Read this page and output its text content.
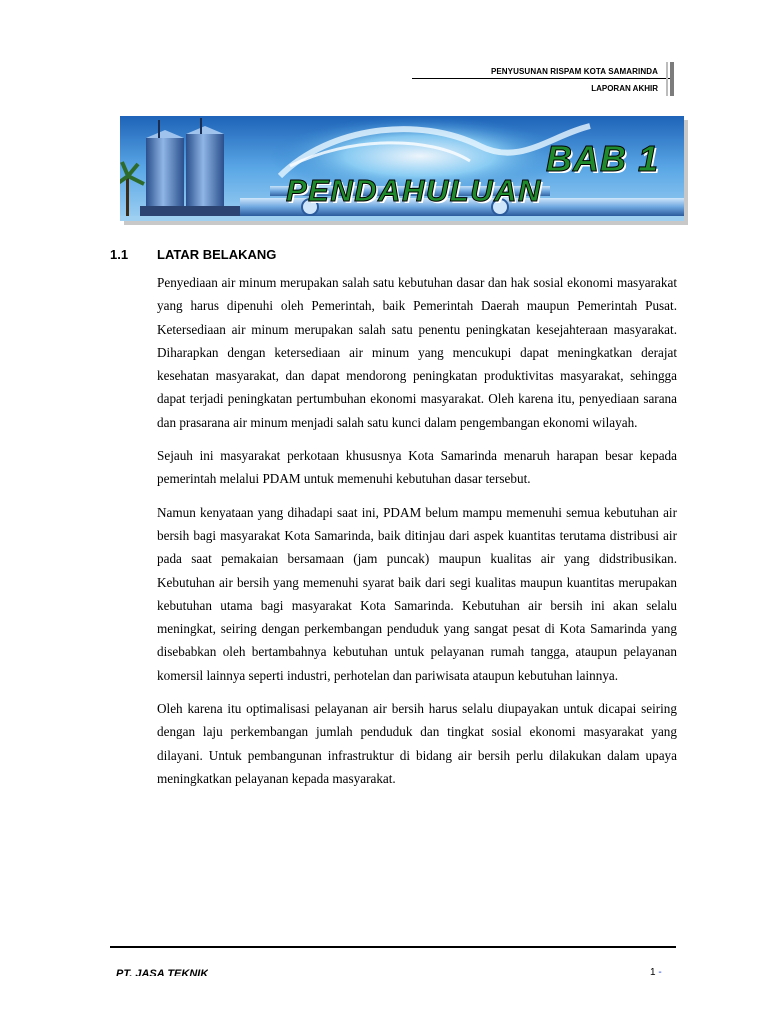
PENYUSUNAN RISPAM KOTA SAMARINDA
LAPORAN AKHIR
BAB 1
PENDAHULUAN
1.1 LATAR BELAKANG

Penyediaan air minum merupakan salah satu kebutuhan dasar dan hak sosial ekonomi masyarakat yang harus dipenuhi oleh Pemerintah, baik Pemerintah Daerah maupun Pemerintah Pusat. Ketersediaan air minum merupakan salah satu penentu peningkatan kesejahteraan masyarakat. Diharapkan dengan ketersediaan air minum yang mencukupi dapat meningkatkan derajat kesehatan masyarakat, dan dapat mendorong peningkatan produktivitas masyarakat, sehingga dapat terjadi peningkatan pertumbuhan ekonomi masyarakat. Oleh karena itu, penyediaan sarana dan prasarana air minum menjadi salah satu kunci dalam pengembangan ekonomi wilayah.

Sejauh ini masyarakat perkotaan khususnya Kota Samarinda menaruh harapan besar kepada pemerintah melalui PDAM untuk memenuhi kebutuhan dasar tersebut.

Namun kenyataan yang dihadapi saat ini, PDAM belum mampu memenuhi semua kebutuhan air bersih bagi masyarakat Kota Samarinda, baik ditinjau dari aspek kuantitas terutama distribusi air pada saat pemakaian bersamaan (jam puncak) maupun kualitas air yang didstribusikan. Kebutuhan air bersih yang memenuhi syarat baik dari segi kualitas maupun kuantitas merupakan kebutuhan utama bagi masyarakat Kota Samarinda. Kebutuhan air bersih ini akan selalu meningkat, seiring dengan perkembangan penduduk yang sangat pesat di Kota Samarinda yang disebabkan oleh bertambahnya kebutuhan untuk pelayanan rumah tangga, ataupun pelayanan komersil lainnya seperti industri, perhotelan dan pariwisata ataupun kebutuhan lainnya.

Oleh karena itu optimalisasi pelayanan air bersih harus selalu diupayakan untuk dicapai seiring dengan laju perkembangan jumlah penduduk dan tingkat sosial ekonomi masyarakat yang dilayani. Untuk pembangunan infrastruktur di bidang air bersih perlu dilakukan dalam upaya meningkatkan pelayanan kepada masyarakat.

PT. JASA TEKNIK	1 -
